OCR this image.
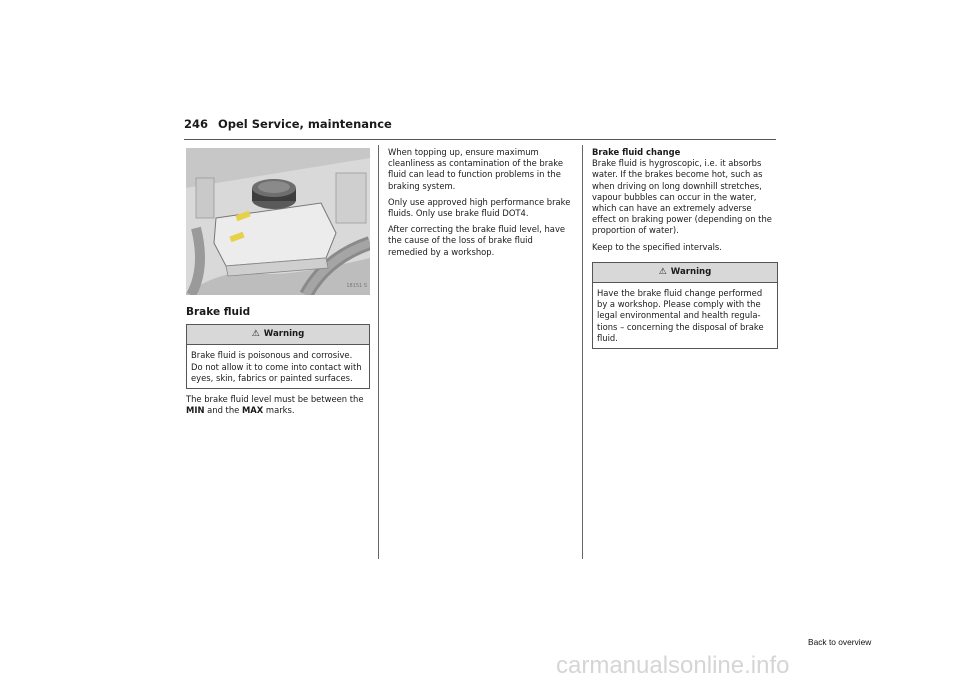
246 Opel Service, maintenance
18151 S
Brake fluid
⚠ Warning
Brake fluid is poisonous and corrosive. Do not allow it to come into contact with eyes, skin, fabrics or painted surfaces.

The brake fluid level must be between the MIN and the MAX marks.

When topping up, ensure maximum cleanliness as contamination of the brake fluid can lead to function problems in the braking system.

Only use approved high performance brake fluids. Only use brake fluid DOT4.

After correcting the brake fluid level, have the cause of the loss of brake fluid remedied by a workshop.

Brake fluid change

Brake fluid is hygroscopic, i.e. it absorbs water. If the brakes become hot, such as when driving on long downhill stretches, vapour bubbles can occur in the water, which can have an extremely adverse effect on braking power (depending on the proportion of water).

Keep to the specified intervals.

⚠ Warning
Have the brake fluid change performed by a workshop. Please comply with the legal environmental and health regula-tions – concerning the disposal of brake fluid.
Back to overview
carmanualsonline.info
